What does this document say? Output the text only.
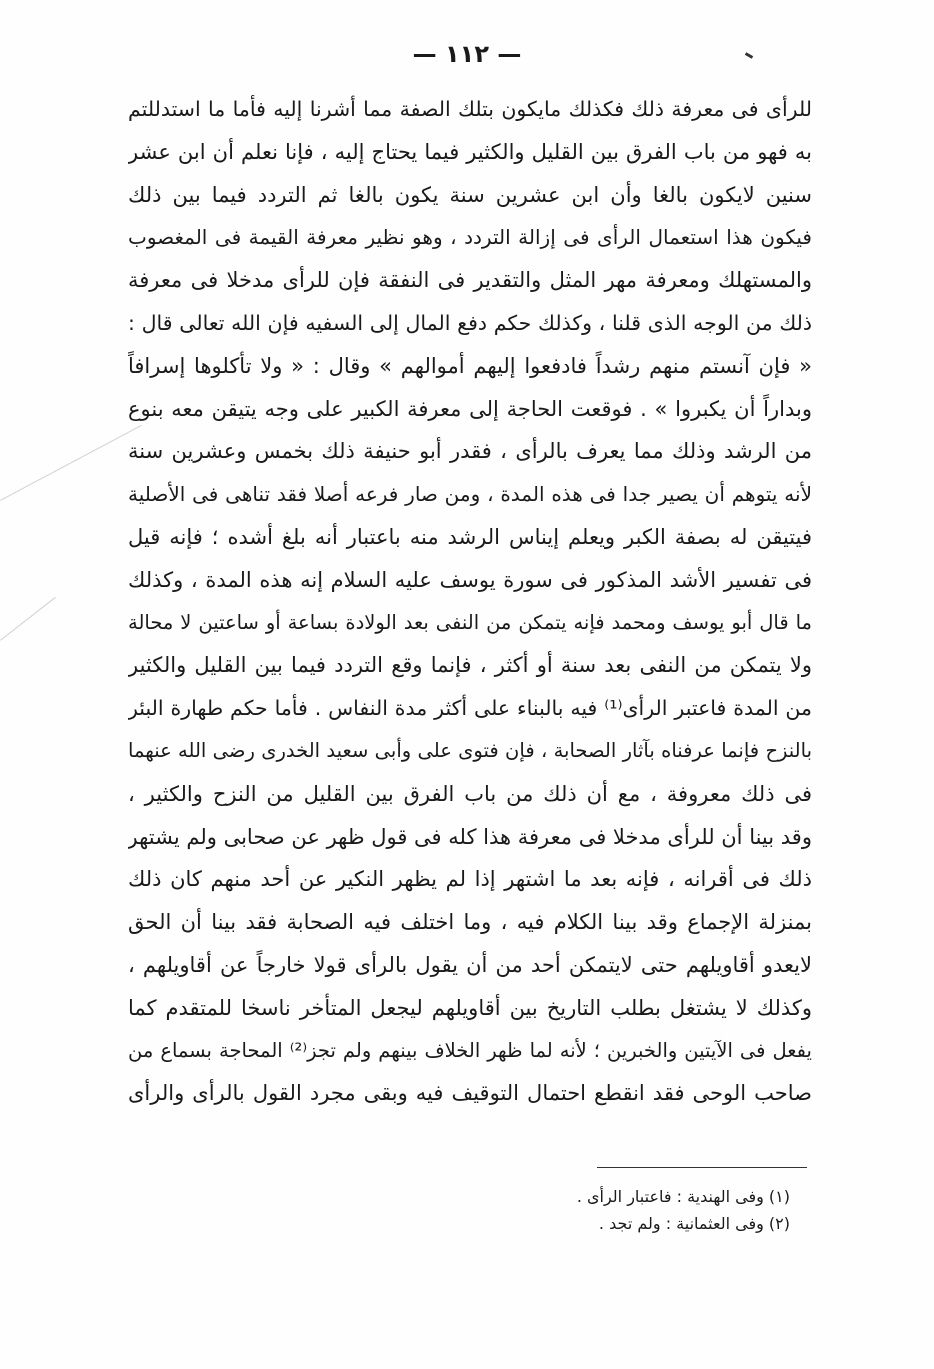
— ١١٢ —
للرأى فى معرفة ذلك فكذلك مايكون بتلك الصفة مما أشرنا إليه فأما ما استدللتم
به فهو من باب الفرق بين القليل والكثير فيما يحتاج إليه ، فإنا نعلم أن ابن عشر
سنين لايكون بالغا وأن ابن عشرين سنة يكون بالغا ثم التردد فيما بين ذلك
فيكون هذا استعمال الرأى فى إزالة التردد ، وهو نظير معرفة القيمة فى المغصوب
والمستهلك ومعرفة مهر المثل والتقدير فى النفقة فإن للرأى مدخلا فى معرفة
ذلك من الوجه الذى قلنا ، وكذلك حكم دفع المال إلى السفيه فإن الله تعالى قال :
« فإن آنستم منهم رشداً فادفعوا إليهم أموالهم » وقال : « ولا تأكلوها إسرافاً
وبداراً أن يكبروا » . فوقعت الحاجة إلى معرفة الكبير على وجه يتيقن معه بنوع
من الرشد وذلك مما يعرف بالرأى ، فقدر أبو حنيفة ذلك بخمس وعشرين سنة
لأنه يتوهم أن يصير جدا فى هذه المدة ، ومن صار فرعه أصلا فقد تناهى فى الأصلية
فيتيقن له بصفة الكبر ويعلم إيناس الرشد منه باعتبار أنه بلغ أشده ؛ فإنه قيل
فى تفسير الأشد المذكور فى سورة يوسف عليه السلام إنه هذه المدة ، وكذلك
ما قال أبو يوسف ومحمد فإنه يتمكن من النفى بعد الولادة بساعة أو ساعتين لا محالة
ولا يتمكن من النفى بعد سنة أو أكثر ، فإنما وقع التردد فيما بين القليل والكثير
من المدة فاعتبر الرأى⁽¹⁾ فيه بالبناء على أكثر مدة النفاس . فأما حكم طهارة البئر
بالنزح فإنما عرفناه بآثار الصحابة ، فإن فتوى على وأبى سعيد الخدرى رضى الله عنهما
فى ذلك معروفة ، مع أن ذلك من باب الفرق بين القليل من النزح والكثير ،
وقد بينا أن للرأى مدخلا فى معرفة هذا كله فى قول ظهر عن صحابى ولم يشتهر
ذلك فى أقرانه ، فإنه بعد ما اشتهر إذا لم يظهر النكير عن أحد منهم كان ذلك
بمنزلة الإجماع وقد بينا الكلام فيه ، وما اختلف فيه الصحابة فقد بينا أن الحق
لايعدو أقاويلهم حتى لايتمكن أحد من أن يقول بالرأى قولا خارجاً عن أقاويلهم ،
وكذلك لا يشتغل بطلب التاريخ بين أقاويلهم ليجعل المتأخر ناسخا للمتقدم كما
يفعل فى الآيتين والخبرين ؛ لأنه لما ظهر الخلاف بينهم ولم تجز⁽²⁾ المحاجة بسماع من
صاحب الوحى فقد انقطع احتمال التوقيف فيه وبقى مجرد القول بالرأى والرأى
(١) وفى الهندية : فاعتبار الرأى .
(٢) وفى العثمانية : ولم تجد .
